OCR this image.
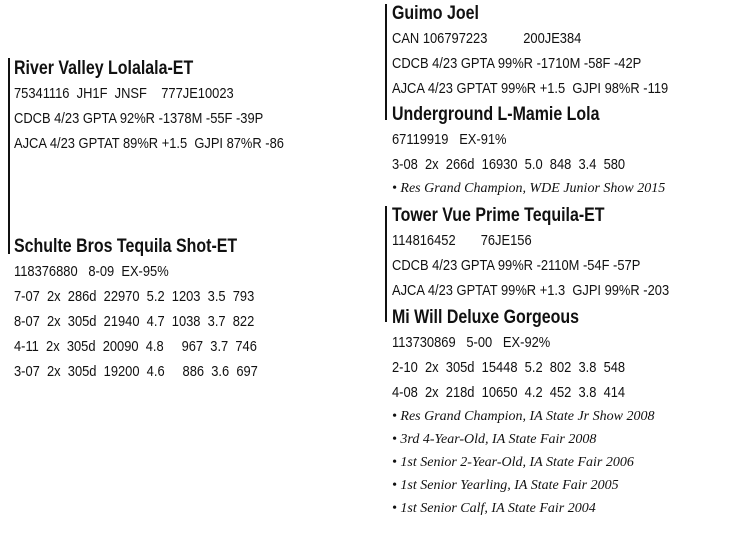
River Valley Lolalala-ET
75341116  JH1F  JNSF    777JE10023
CDCB 4/23 GPTA 92%R -1378M -55F -39P
AJCA 4/23 GPTAT 89%R +1.5  GJPI 87%R -86
Schulte Bros Tequila Shot-ET
118376880   8-09  EX-95%
7-07  2x  286d  22970  5.2  1203  3.5  793
8-07  2x  305d  21940  4.7  1038  3.7  822
4-11  2x  305d  20090  4.8     967  3.7  746
3-07  2x  305d  19200  4.6     886  3.6  697
Guimo Joel
CAN 106797223          200JE384
CDCB 4/23 GPTA 99%R -1710M -58F -42P
AJCA 4/23 GPTAT 99%R +1.5  GJPI 98%R -119
Underground L-Mamie Lola
67119919   EX-91%
3-08  2x  266d  16930  5.0  848  3.4  580
• Res Grand Champion, WDE Junior Show 2015
Tower Vue Prime Tequila-ET
114816452       76JE156
CDCB 4/23 GPTA 99%R -2110M -54F -57P
AJCA 4/23 GPTAT 99%R +1.3  GJPI 99%R -203
Mi Will Deluxe Gorgeous
113730869   5-00   EX-92%
2-10  2x  305d  15448  5.2  802  3.8  548
4-08  2x  218d  10650  4.2  452  3.8  414
• Res Grand Champion, IA State Jr Show 2008
• 3rd 4-Year-Old, IA State Fair 2008
• 1st Senior 2-Year-Old, IA State Fair 2006
• 1st Senior Yearling, IA State Fair 2005
• 1st Senior Calf, IA State Fair 2004
